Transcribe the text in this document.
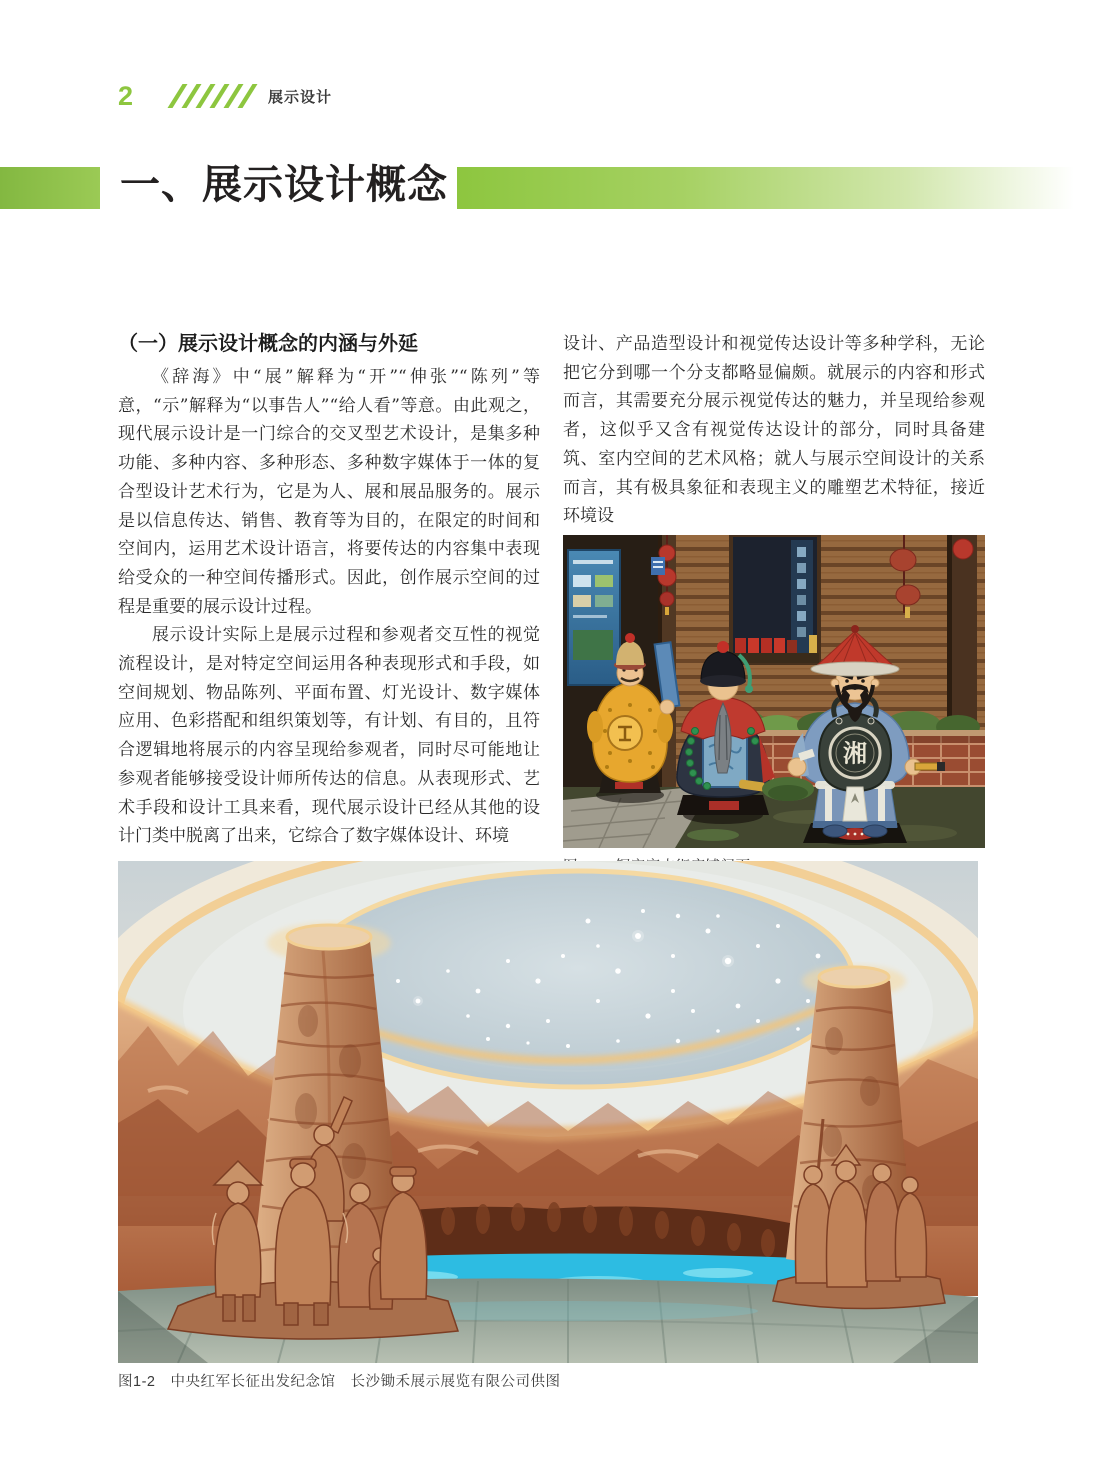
2	展示设计
一、展示设计概念
（一）展示设计概念的内涵与外延

《辞海》中“展”解释为“开”“伸张”“陈列”等意，“示”解释为“以事告人”“给人看”等意。由此观之，现代展示设计是一门综合的交叉型艺术设计，是集多种功能、多种内容、多种形态、多种数字媒体于一体的复合型设计艺术行为，它是为人、展和展品服务的。展示是以信息传达、销售、教育等为目的，在限定的时间和空间内，运用艺术设计语言，将要传达的内容集中表现给受众的一种空间传播形式。因此，创作展示空间的过程是重要的展示设计过程。

展示设计实际上是展示过程和参观者交互性的视觉流程设计，是对特定空间运用各种表现形式和手段，如空间规划、物品陈列、平面布置、灯光设计、数字媒体应用、色彩搭配和组织策划等，有计划、有目的，且符合逻辑地将展示的内容呈现给参观者，同时尽可能地让参观者能够接受设计师所传达的信息。从表现形式、艺术手段和设计工具来看，现代展示设计已经从其他的设计门类中脱离了出来，它综合了数字媒体设计、环境

设计、产品造型设计和视觉传达设计等多种学科，无论把它分到哪一个分支都略显偏颇。就展示的内容和形式而言，其需要充分展示视觉传达的魅力，并呈现给参观者，这似乎又含有视觉传达设计的部分，同时具备建筑、室内空间的艺术风格；就人与展示空间设计的关系而言，其有极具象征和表现主义的雕塑艺术特征，接近环境设

湘
图1-2　中央红军长征出发纪念馆　长沙锄禾展示展览有限公司供图
